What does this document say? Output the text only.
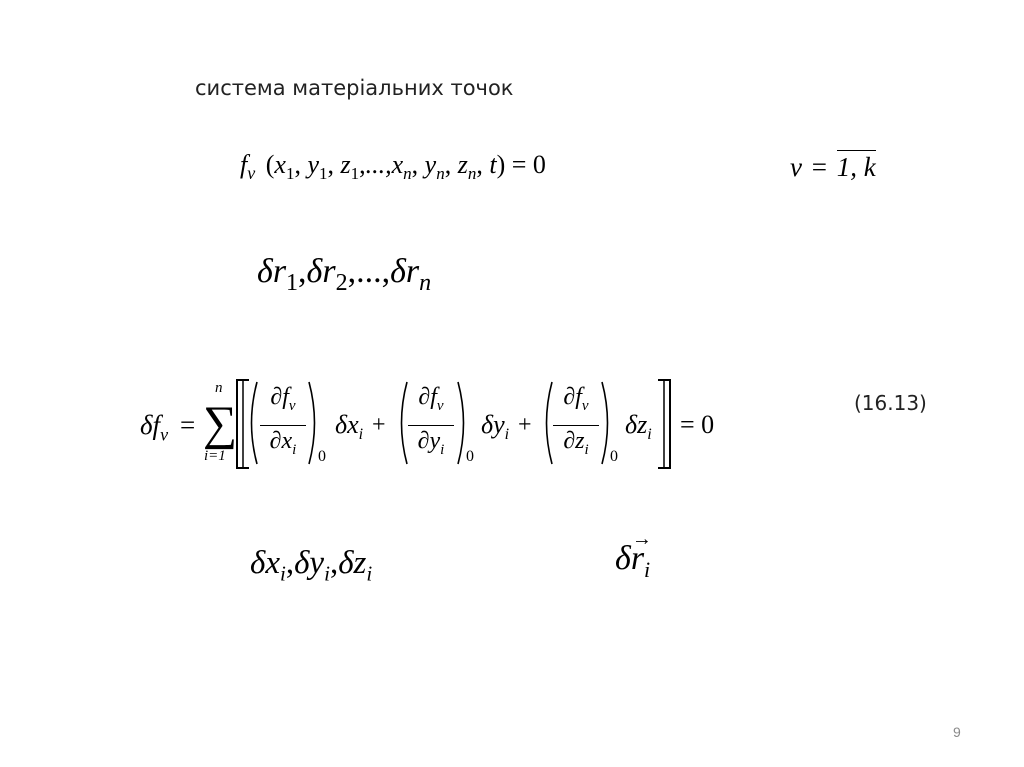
система матеріальних точок
$f_\nu$ ($x_1$, $y_1$, $z_1,...,x_n$, $y_n$, $z_n$, t) = 0	ν = 1, k
$\delta r_1,\delta r_2,...,\delta r_n$
$\delta f_\nu$ =
n
∑
i=1
$\partial f_\nu$
$\partial x_i$	0
$\delta x_i$ +
$\partial f_\nu$
$\partial y_i$	0
$\delta y_i$ +
$\partial f_\nu$
$\partial z_i$	0
$\delta z_i = 0$
(16.13)
$\delta x_i,\delta y_i,\delta z_i$	δ
→
$r_i$
9
